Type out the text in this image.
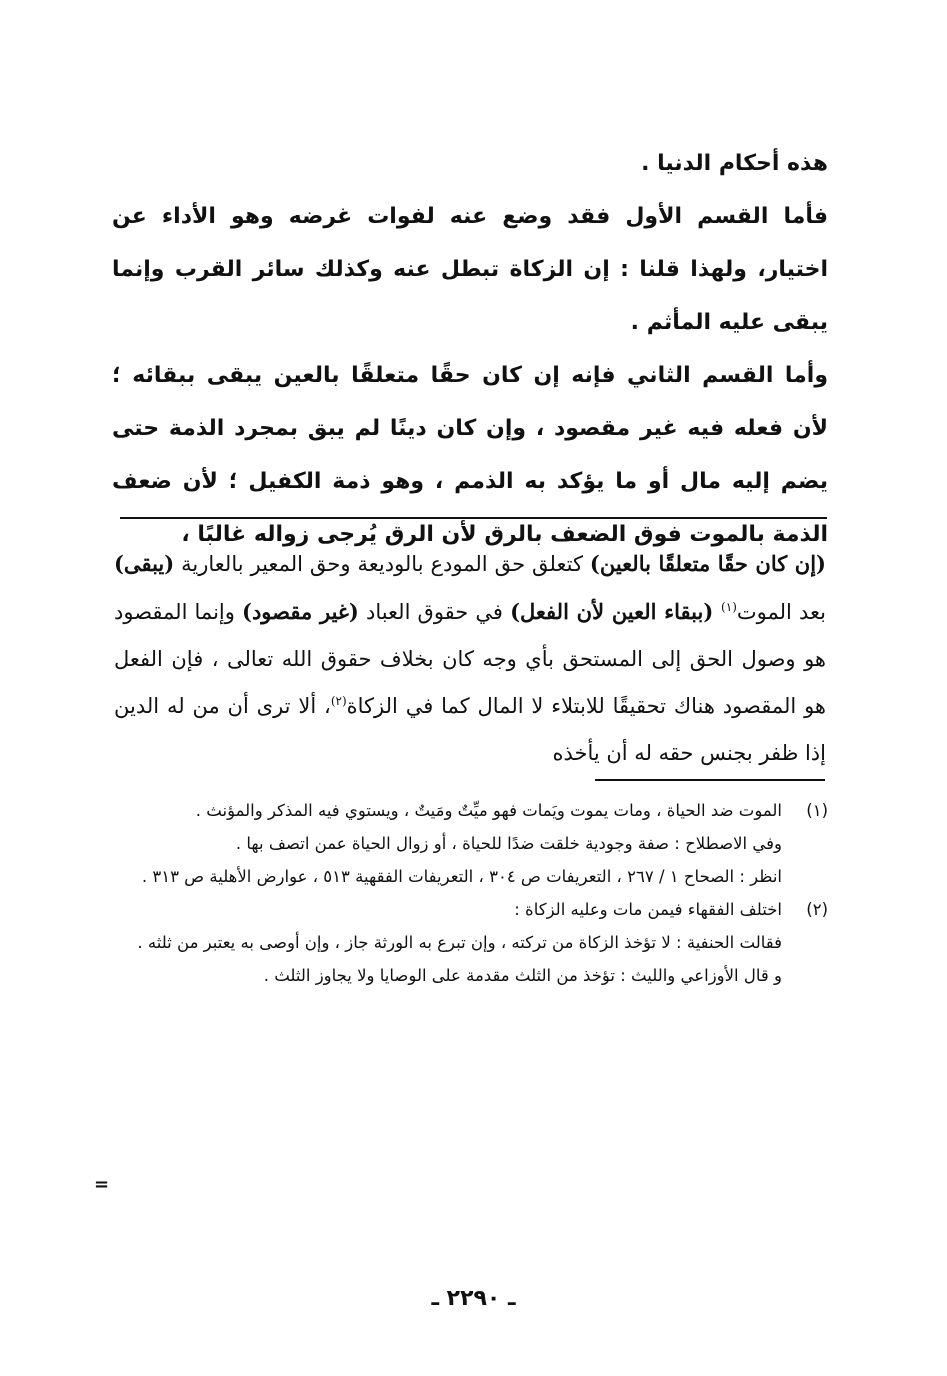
هذه أحكام الدنيا .

فأما القسم الأول فقد وضع عنه لفوات غرضه وهو الأداء عن اختيار، ولهذا قلنا : إن الزكاة تبطل عنه وكذلك سائر القرب وإنما يبقى عليه المأثم .

وأما القسم الثاني فإنه إن كان حقًا متعلقًا بالعين يبقى ببقائه ؛ لأن فعله فيه غير مقصود ، وإن كان دينًا لم يبق بمجرد الذمة حتى يضم إليه مال أو ما يؤكد به الذمم ، وهو ذمة الكفيل ؛ لأن ضعف الذمة بالموت فوق الضعف بالرق لأن الرق يُرجى زواله غالبًا ،

(إن كان حقًا متعلقًا بالعين) كتعلق حق المودع بالوديعة وحق المعير بالعارية (يبقى) بعد الموت$^{(١)}$ (ببقاء العين لأن الفعل) في حقوق العباد (غير مقصود) وإنما المقصود هو وصول الحق إلى المستحق بأي وجه كان بخلاف حقوق الله تعالى ، فإن الفعل هو المقصود هناك تحقيقًا للابتلاء لا المال كما في الزكاة$^{(٢)}$، ألا ترى أن من له الدين إذا ظفر بجنس حقه له أن يأخذه

(١)
الموت ضد الحياة ، ومات يموت ويَمات فهو ميِّتٌ ومَيتٌ ، ويستوي فيه المذكر والمؤنث .
وفي الاصطلاح : صفة وجودية خلقت ضدًا للحياة ، أو زوال الحياة عمن اتصف بها .
انظر : الصحاح ١ / ٢٦٧ ، التعريفات ص ٣٠٤ ، التعريفات الفقهية ٥١٣ ، عوارض الأهلية ص ٣١٣ .
(٢)
اختلف الفقهاء فيمن مات وعليه الزكاة :
فقالت الحنفية : لا تؤخذ الزكاة من تركته ، وإن تبرع به الورثة جاز ، وإن أوصى به يعتبر من ثلثه .
و قال الأوزاعي والليث : تؤخذ من الثلث مقدمة على الوصايا ولا يجاوز الثلث .
=
ـ ٢٢٩٠ ـ
